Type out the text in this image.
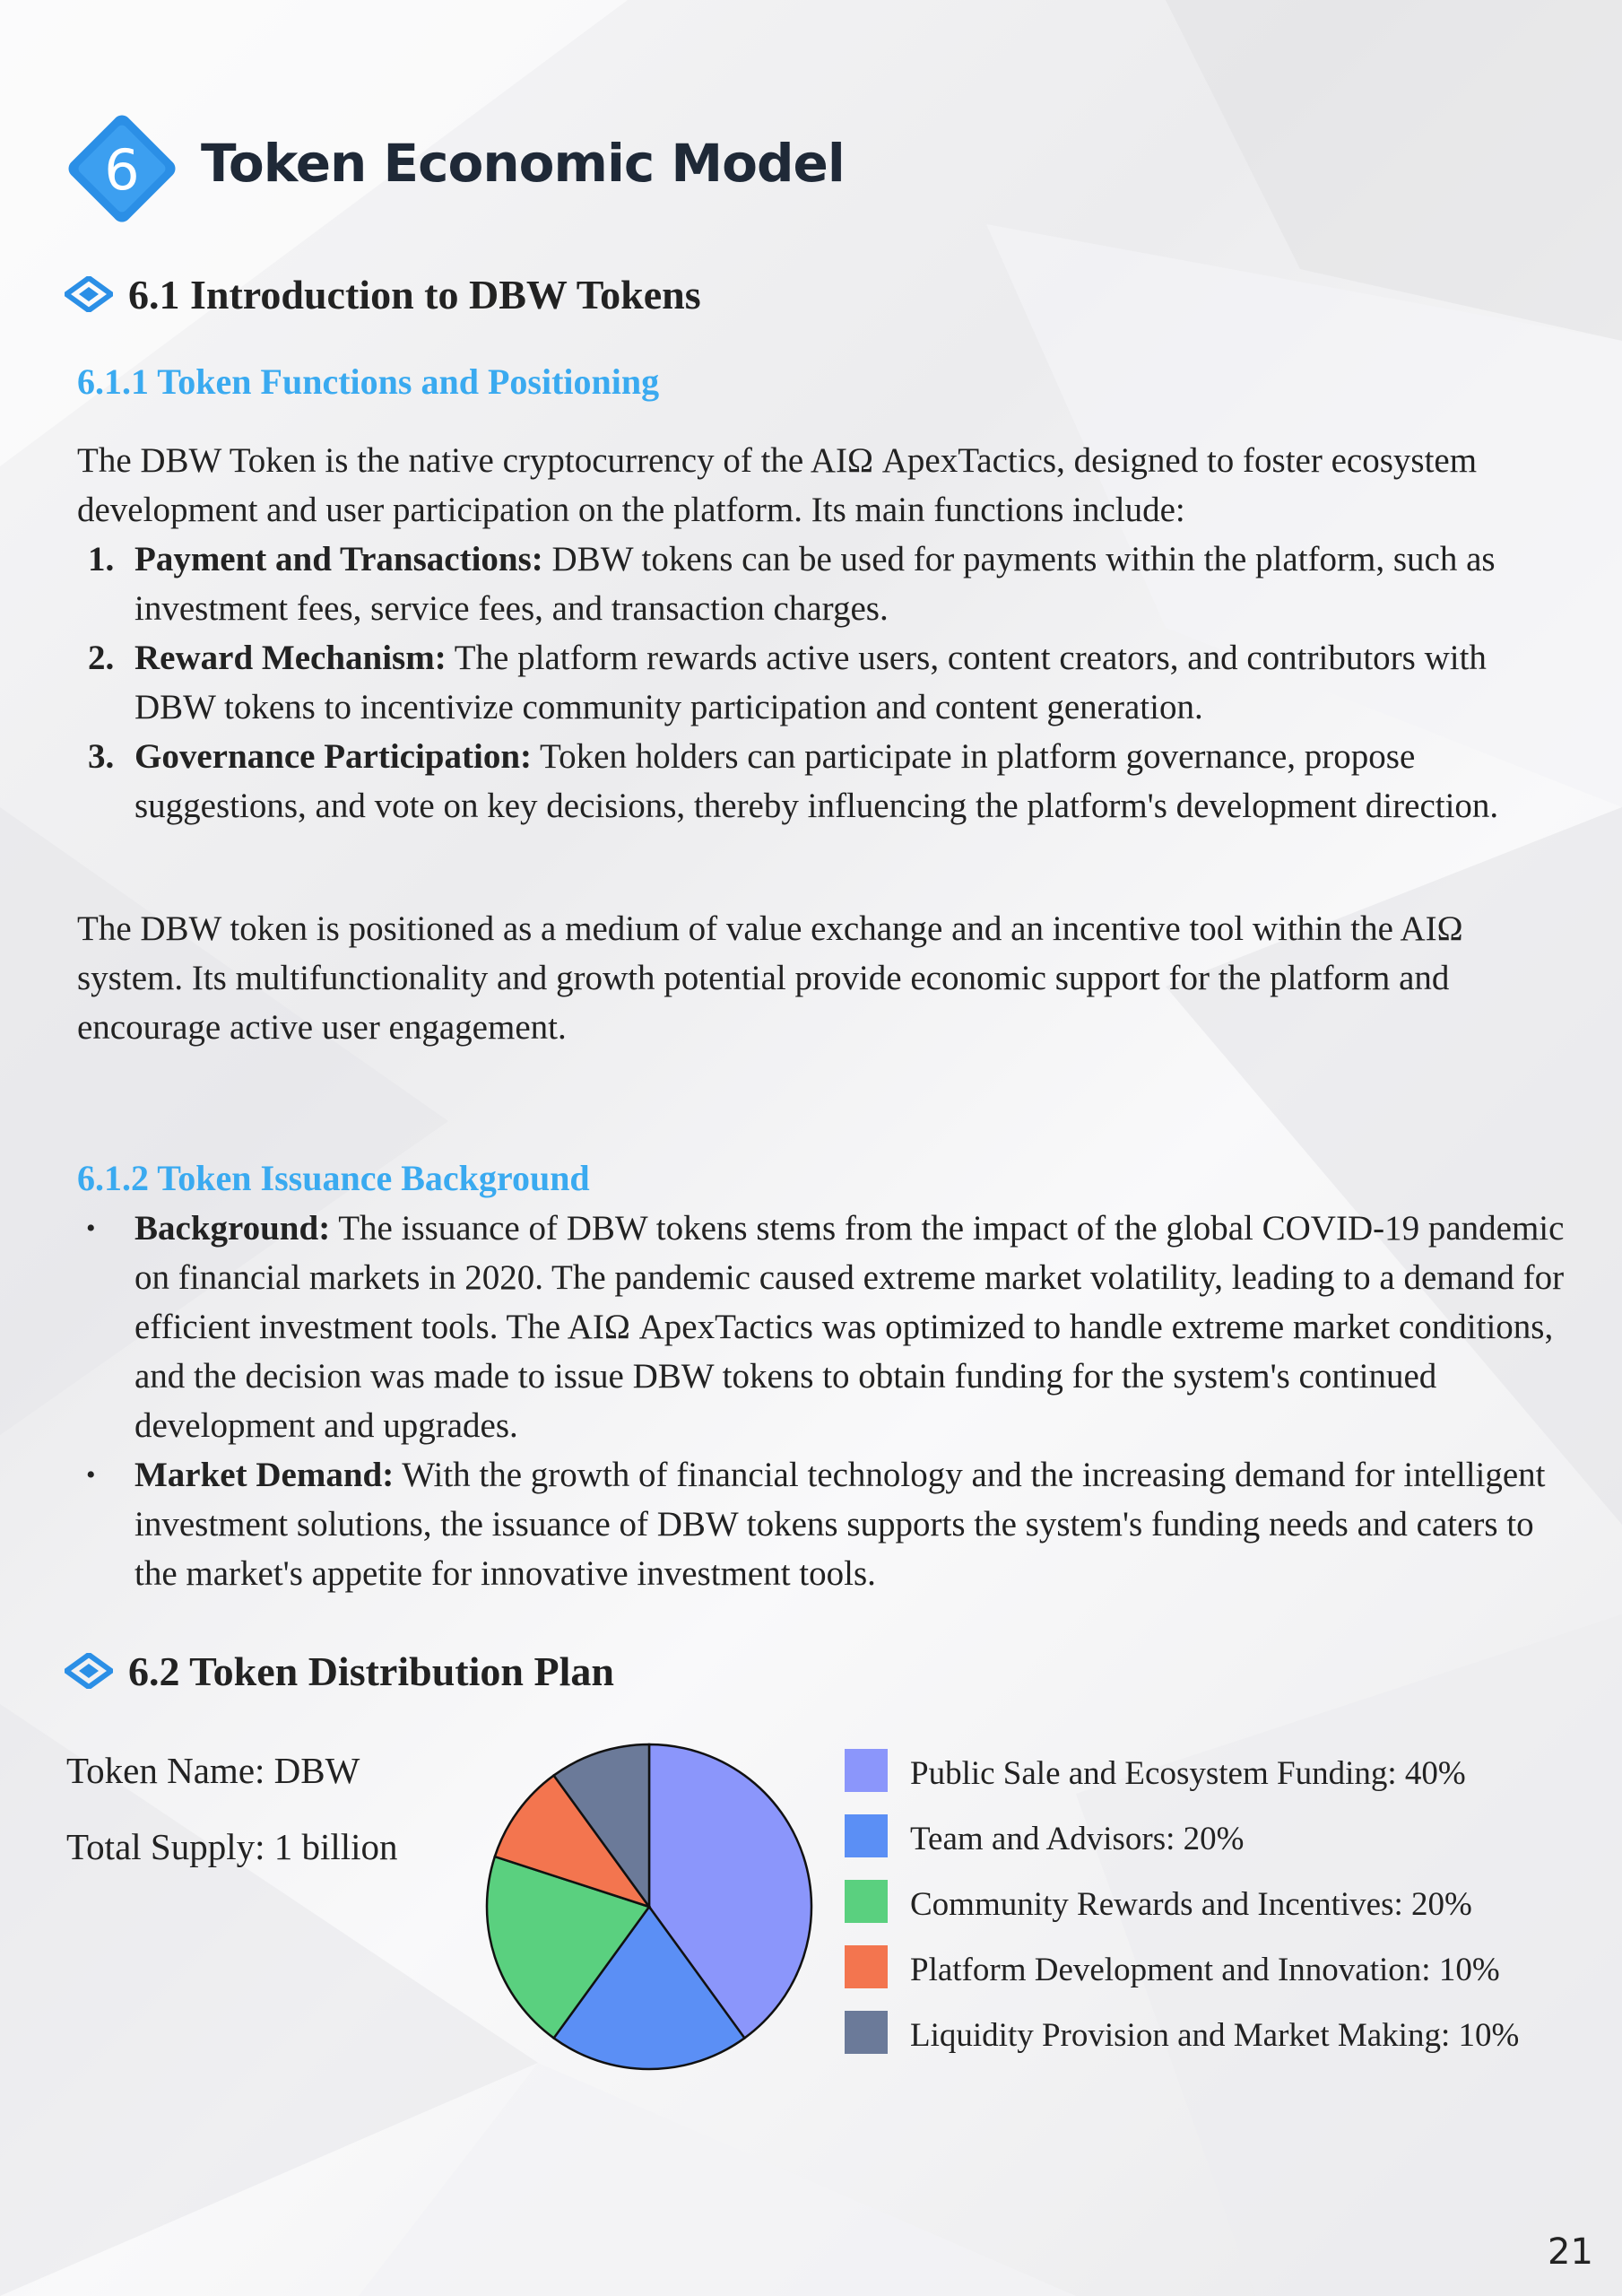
6 Token Economic Model
6.1 Introduction to DBW Tokens
6.1.1 Token Functions and Positioning

The DBW Token is the native cryptocurrency of the AIΩ ApexTactics, designed to foster ecosystem development and user participation on the platform. Its main functions include:

1. Payment and Transactions: DBW tokens can be used for payments within the platform, such as investment fees, service fees, and transaction charges.
2. Reward Mechanism: The platform rewards active users, content creators, and contributors with DBW tokens to incentivize community participation and content generation.
3. Governance Participation: Token holders can participate in platform governance, propose suggestions, and vote on key decisions, thereby influencing the platform's development direction.

The DBW token is positioned as a medium of value exchange and an incentive tool within the AIΩ system. Its multifunctionality and growth potential provide economic support for the platform and encourage active user engagement.

6.1.2 Token Issuance Background
• Background: The issuance of DBW tokens stems from the impact of the global COVID-19 pandemic on financial markets in 2020. The pandemic caused extreme market volatility, leading to a demand for efficient investment tools. The AIΩ ApexTactics was optimized to handle extreme market conditions, and the decision was made to issue DBW tokens to obtain funding for the system's continued development and upgrades.
• Market Demand: With the growth of financial technology and the increasing demand for intelligent investment solutions, the issuance of DBW tokens supports the system's funding needs and caters to the market's appetite for innovative investment tools.
6.2 Token Distribution Plan
Token Name: DBW
Total Supply: 1 billion
Public Sale and Ecosystem Funding: 40%
Team and Advisors: 20%
Community Rewards and Incentives: 20%
Platform Development and Innovation: 10%
Liquidity Provision and Market Making: 10%
21
